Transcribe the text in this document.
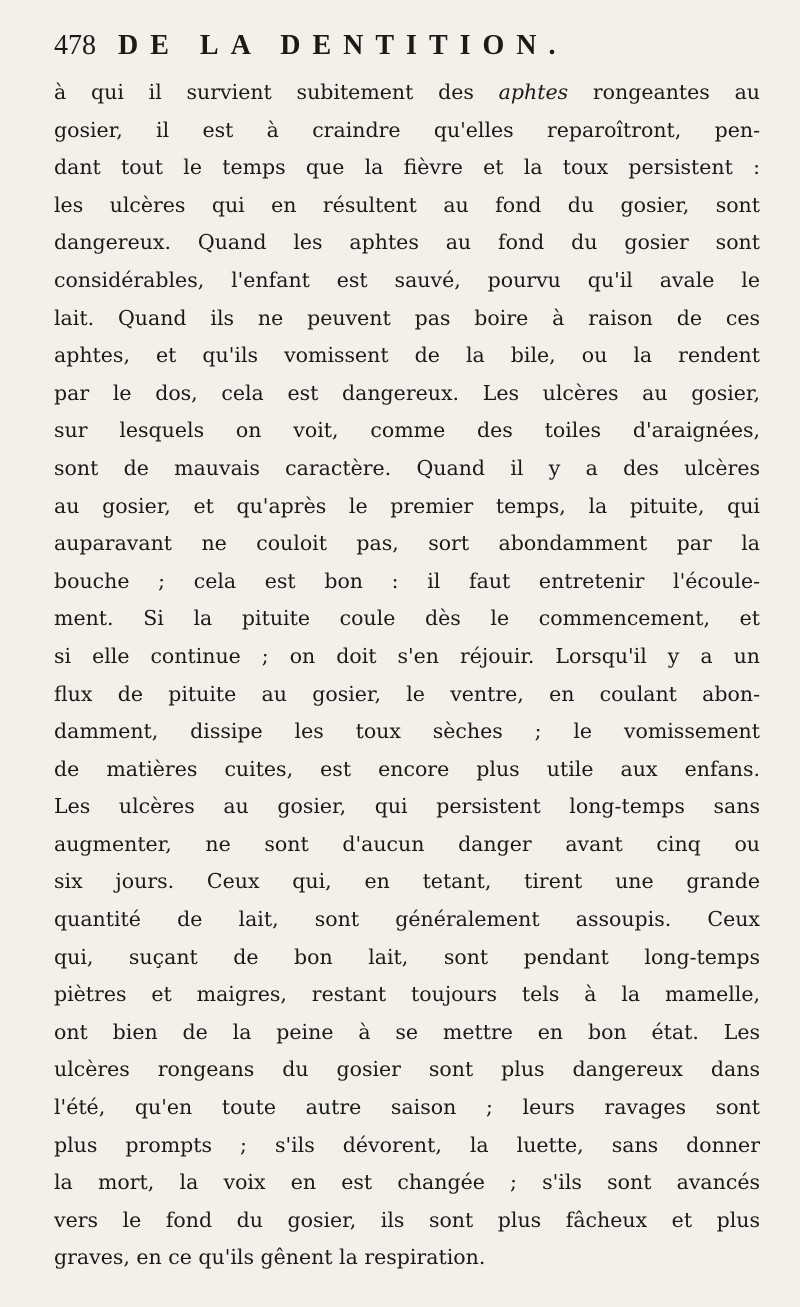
478 DE LA DENTITION.
à qui il survient subitement des aphtes rongeantes au
gosier, il est à craindre qu'elles reparoîtront, pen-
dant tout le temps que la fièvre et la toux persistent :
les ulcères qui en résultent au fond du gosier, sont
dangereux. Quand les aphtes au fond du gosier sont
considérables, l'enfant est sauvé, pourvu qu'il avale le
lait. Quand ils ne peuvent pas boire à raison de ces
aphtes, et qu'ils vomissent de la bile, ou la rendent
par le dos, cela est dangereux. Les ulcères au gosier,
sur lesquels on voit, comme des toiles d'araignées,
sont de mauvais caractère. Quand il y a des ulcères
au gosier, et qu'après le premier temps, la pituite, qui
auparavant ne couloit pas, sort abondamment par la
bouche ; cela est bon : il faut entretenir l'écoule-
ment. Si la pituite coule dès le commencement, et
si elle continue ; on doit s'en réjouir. Lorsqu'il y a un
flux de pituite au gosier, le ventre, en coulant abon-
damment, dissipe les toux sèches ; le vomissement
de matières cuites, est encore plus utile aux enfans.
Les ulcères au gosier, qui persistent long-temps sans
augmenter, ne sont d'aucun danger avant cinq ou
six jours. Ceux qui, en tetant, tirent une grande
quantité de lait, sont généralement assoupis. Ceux
qui, suçant de bon lait, sont pendant long-temps
piètres et maigres, restant toujours tels à la mamelle,
ont bien de la peine à se mettre en bon état. Les
ulcères rongeans du gosier sont plus dangereux dans
l'été, qu'en toute autre saison ; leurs ravages sont
plus prompts ; s'ils dévorent, la luette, sans donner
la mort, la voix en est changée ; s'ils sont avancés
vers le fond du gosier, ils sont plus fâcheux et plus
graves, en ce qu'ils gênent la respiration.
